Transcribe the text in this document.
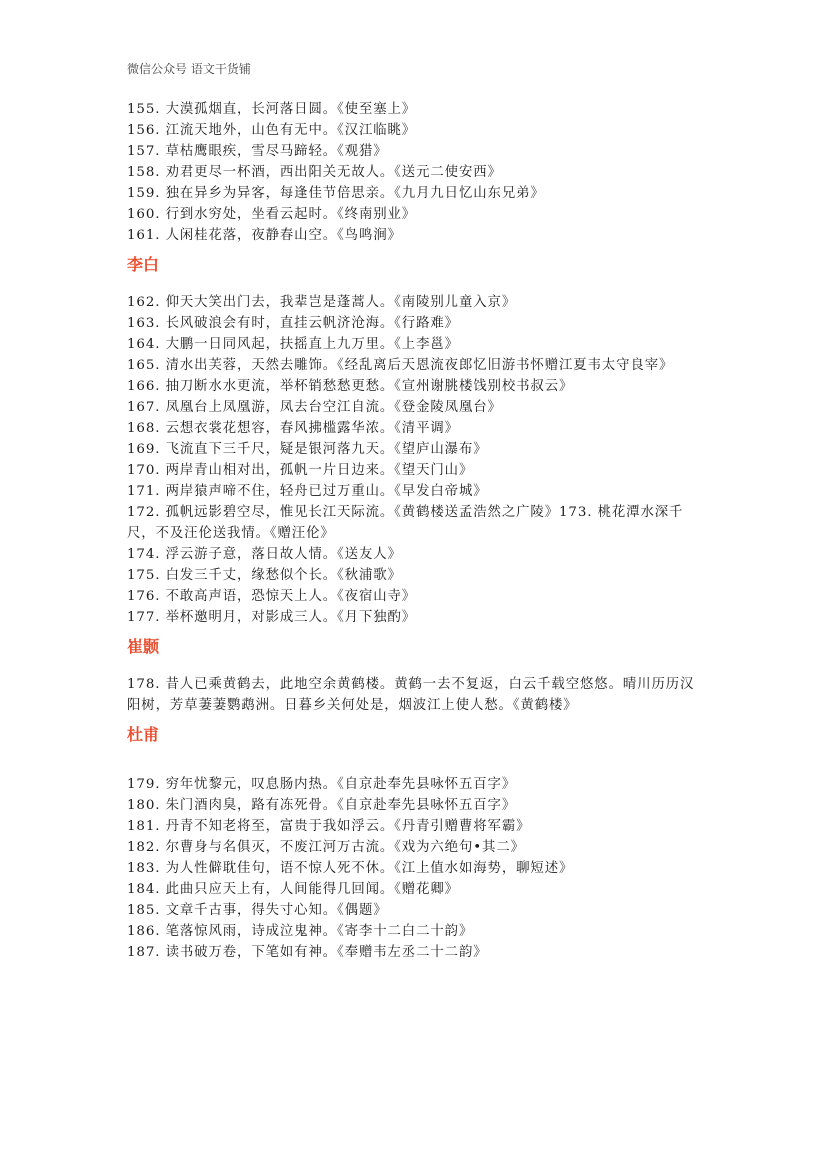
微信公众号 语文干货铺
155. 大漠孤烟直，长河落日圆。《使至塞上》
156. 江流天地外，山色有无中。《汉江临眺》
157. 草枯鹰眼疾，雪尽马蹄轻。《观猎》
158. 劝君更尽一杯酒，西出阳关无故人。《送元二使安西》
159. 独在异乡为异客，每逢佳节倍思亲。《九月九日忆山东兄弟》
160. 行到水穷处，坐看云起时。《终南别业》
161. 人闲桂花落，夜静春山空。《鸟鸣涧》
李白
162. 仰天大笑出门去，我辈岂是蓬蒿人。《南陵别儿童入京》
163. 长风破浪会有时，直挂云帆济沧海。《行路难》
164. 大鹏一日同风起，扶摇直上九万里。《上李邕》
165. 清水出芙蓉，天然去雕饰。《经乱离后天恩流夜郎忆旧游书怀赠江夏韦太守良宰》
166. 抽刀断水水更流，举杯销愁愁更愁。《宣州谢朓楼饯别校书叔云》
167. 凤凰台上凤凰游，凤去台空江自流。《登金陵凤凰台》
168. 云想衣裳花想容，春风拂槛露华浓。《清平调》
169. 飞流直下三千尺，疑是银河落九天。《望庐山瀑布》
170. 两岸青山相对出，孤帆一片日边来。《望天门山》
171. 两岸猿声啼不住，轻舟已过万重山。《早发白帝城》
172. 孤帆远影碧空尽，惟见长江天际流。《黄鹤楼送孟浩然之广陵》173. 桃花潭水深千尺，不及汪伦送我情。《赠汪伦》
174. 浮云游子意，落日故人情。《送友人》
175. 白发三千丈，缘愁似个长。《秋浦歌》
176. 不敢高声语，恐惊天上人。《夜宿山寺》
177. 举杯邀明月，对影成三人。《月下独酌》
崔颢
178. 昔人已乘黄鹤去，此地空余黄鹤楼。黄鹤一去不复返，白云千载空悠悠。晴川历历汉阳树，芳草萋萋鹦鹉洲。日暮乡关何处是，烟波江上使人愁。《黄鹤楼》
杜甫
179. 穷年忧黎元，叹息肠内热。《自京赴奉先县咏怀五百字》
180. 朱门酒肉臭，路有冻死骨。《自京赴奉先县咏怀五百字》
181. 丹青不知老将至，富贵于我如浮云。《丹青引赠曹将军霸》
182. 尔曹身与名俱灭，不废江河万古流。《戏为六绝句•其二》
183. 为人性僻耽佳句，语不惊人死不休。《江上值水如海势，聊短述》
184. 此曲只应天上有，人间能得几回闻。《赠花卿》
185. 文章千古事，得失寸心知。《偶题》
186. 笔落惊风雨，诗成泣鬼神。《寄李十二白二十韵》
187. 读书破万卷，下笔如有神。《奉赠韦左丞二十二韵》
